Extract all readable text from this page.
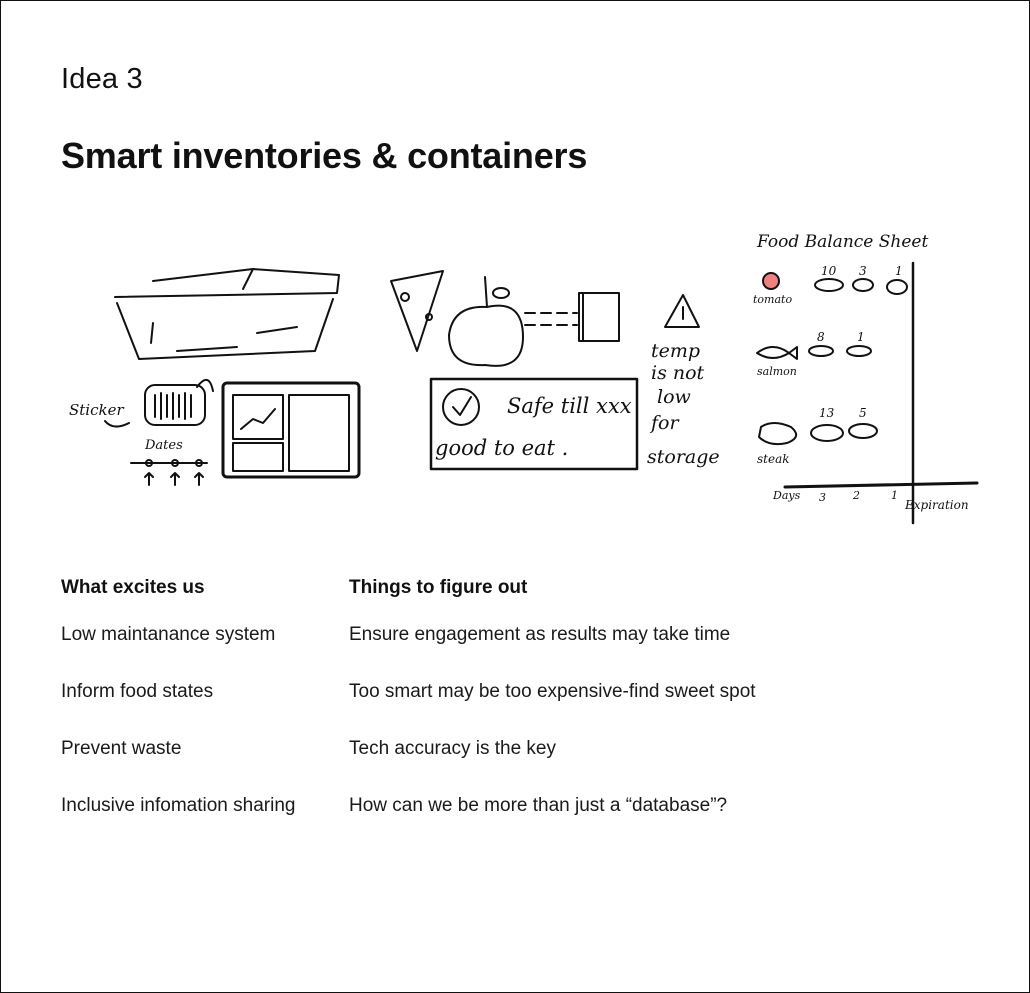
Idea 3
Smart inventories & containers
Sticker
Dates
Safe till xxx
good to eat .
temp is not low for storage
Food Balance Sheet
tomato
salmon
steak
10 3 1
8	1
13 5
Days 3 2	1
Expiration
What excites us	Things to figure out
Low maintanance system	Ensure engagement as results may take time
Inform food states	Too smart may be too expensive-find sweet spot
Prevent waste	Tech accuracy is the key
Inclusive infomation sharing	How can we be more than just a “database”?
